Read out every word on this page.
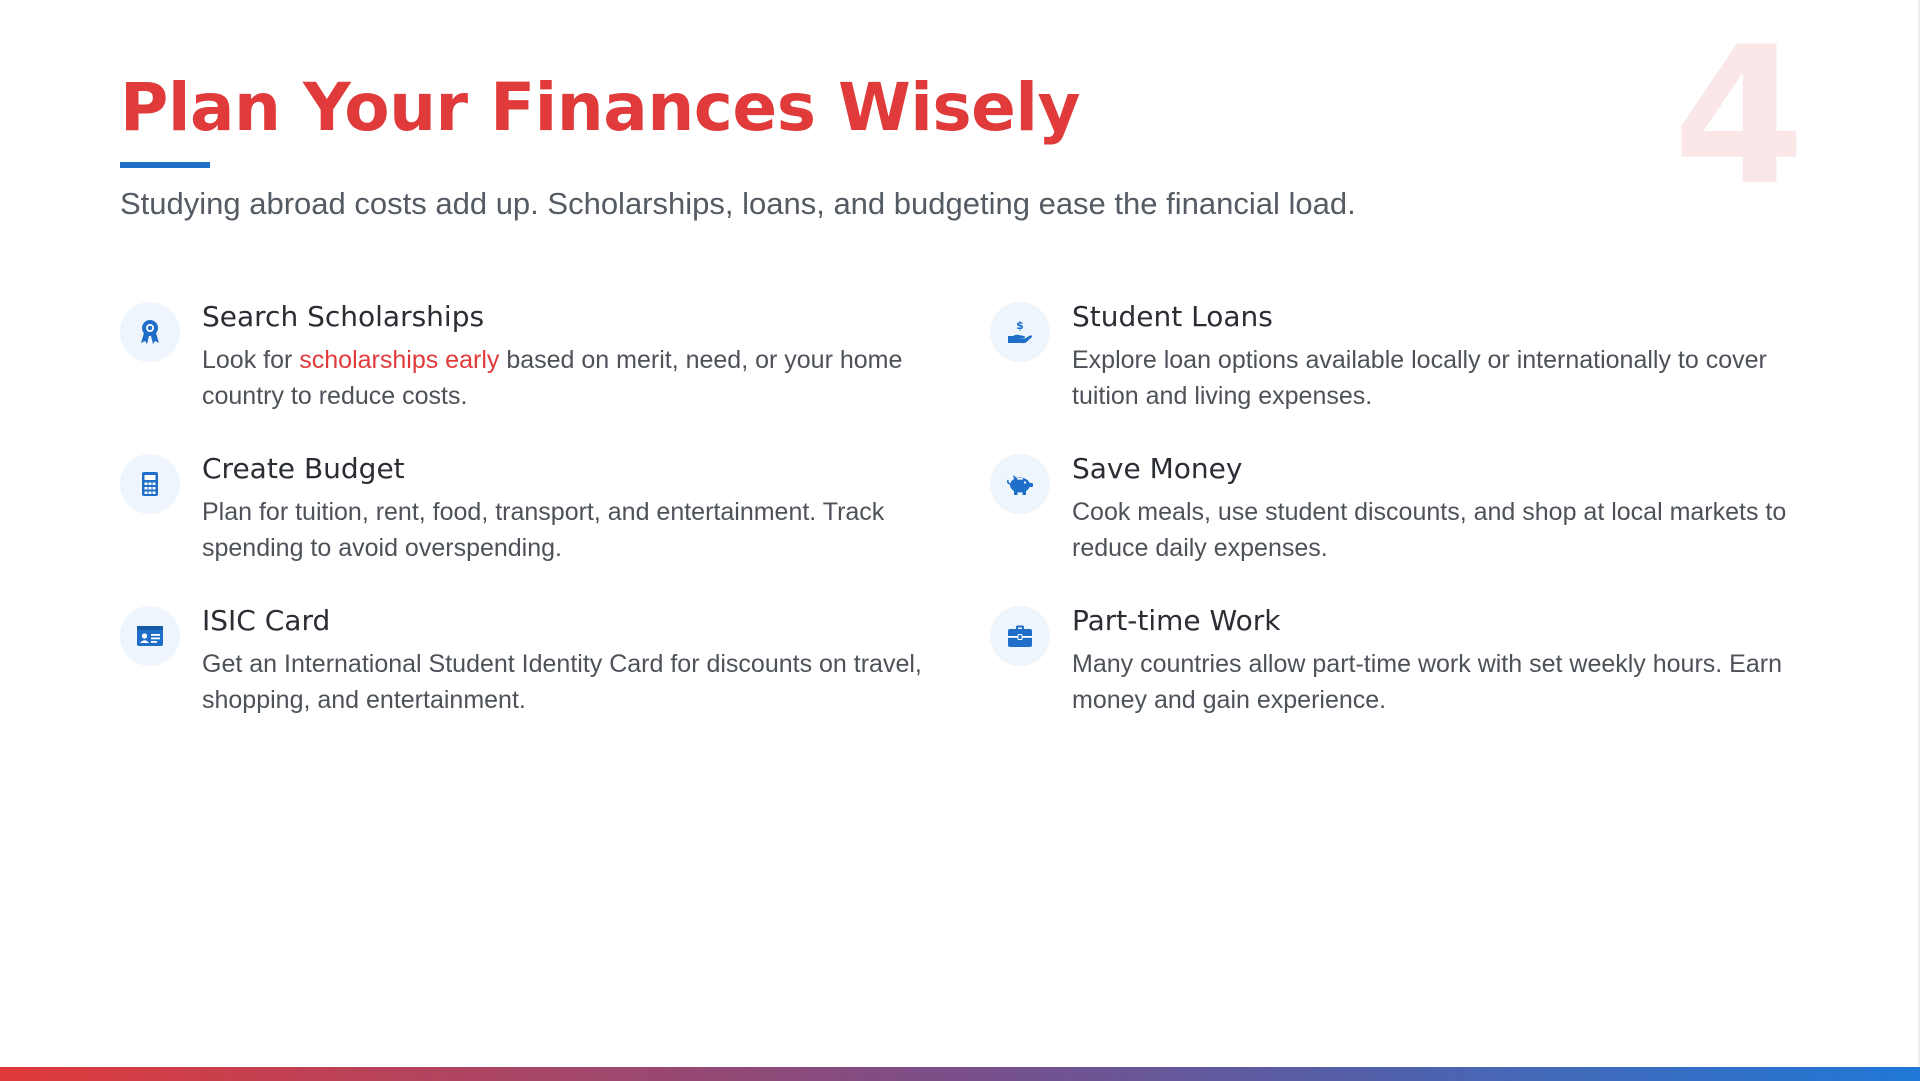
4
Plan Your Finances Wisely

Studying abroad costs add up. Scholarships, loans, and budgeting ease the financial load.

Search Scholarships

Look for scholarships early based on merit, need, or your home country to reduce costs.

$ Student Loans

Explore loan options available locally or internationally to cover tuition and living expenses.

Create Budget

Plan for tuition, rent, food, transport, and entertainment. Track spending to avoid overspending.

Save Money

Cook meals, use student discounts, and shop at local markets to reduce daily expenses.

ISIC Card

Get an International Student Identity Card for discounts on travel, shopping, and entertainment.

Part-time Work

Many countries allow part-time work with set weekly hours. Earn money and gain experience.
